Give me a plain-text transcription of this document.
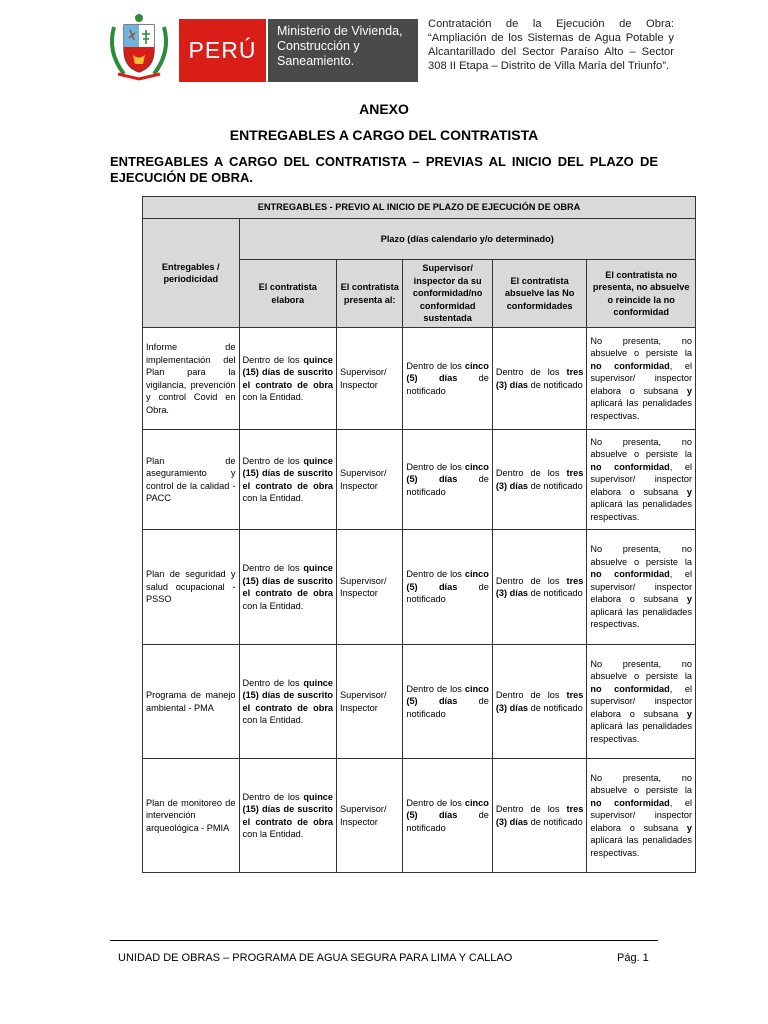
PERÚ
Ministerio de Vivienda,
Construcción y
Saneamiento.
Contratación de la Ejecución de Obra: “Ampliación de los Sistemas de Agua Potable y Alcantarillado del Sector Paraíso Alto – Sector 308 II Etapa – Distrito de Villa María del Triunfo”.
ANEXO
ENTREGABLES A CARGO DEL CONTRATISTA
ENTREGABLES A CARGO DEL CONTRATISTA – PREVIAS AL INICIO DEL PLAZO DE EJECUCIÓN DE OBRA.
ENTREGABLES - PREVIO AL INICIO DE PLAZO DE EJECUCIÓN DE OBRA					
Entregables / periodicidad	Plazo (días calendario y/o determinado)				
	El contratista elabora	El contratista presenta al:	Supervisor/ inspector da su conformidad/no conformidad sustentada	El contratista absuelve las No conformidades	El contratista no presenta, no absuelve o reincide la no conformidad
Informe de implementación del Plan para la vigilancia, prevención y control Covid en Obra.	Dentro de los quince (15) días de suscrito el contrato de obra con la Entidad.	Supervisor/ Inspector	Dentro de los cinco (5) días de notificado	Dentro de los tres (3) días de notificado	No presenta, no absuelve o persiste la no conformidad, el supervisor/ inspector elabora o subsana y aplicará las penalidades respectivas.
Plan de aseguramiento y control de la calidad - PACC	Dentro de los quince (15) días de suscrito el contrato de obra con la Entidad.	Supervisor/ Inspector	Dentro de los cinco (5) días de notificado	Dentro de los tres (3) días de notificado	No presenta, no absuelve o persiste la no conformidad, el supervisor/ inspector elabora o subsana y aplicará las penalidades respectivas.
Plan de seguridad y salud ocupacional - PSSO	Dentro de los quince (15) días de suscrito el contrato de obra con la Entidad.	Supervisor/ Inspector	Dentro de los cinco (5) días de notificado	Dentro de los tres (3) días de notificado	No presenta, no absuelve o persiste la no conformidad, el supervisor/ inspector elabora o subsana y aplicará las penalidades respectivas.
Programa de manejo ambiental - PMA	Dentro de los quince (15) días de suscrito el contrato de obra con la Entidad.	Supervisor/ Inspector	Dentro de los cinco (5) días de notificado	Dentro de los tres (3) días de notificado	No presenta, no absuelve o persiste la no conformidad, el supervisor/ inspector elabora o subsana y aplicará las penalidades respectivas.
Plan de monitoreo de intervención arqueológica - PMIA	Dentro de los quince (15) días de suscrito el contrato de obra con la Entidad.	Supervisor/ Inspector	Dentro de los cinco (5) días de notificado	Dentro de los tres (3) días de notificado	No presenta, no absuelve o persiste la no conformidad, el supervisor/ inspector elabora o subsana y aplicará las penalidades respectivas.
UNIDAD DE OBRAS – PROGRAMA DE AGUA SEGURA PARA LIMA Y CALLAO	Pág. 1
